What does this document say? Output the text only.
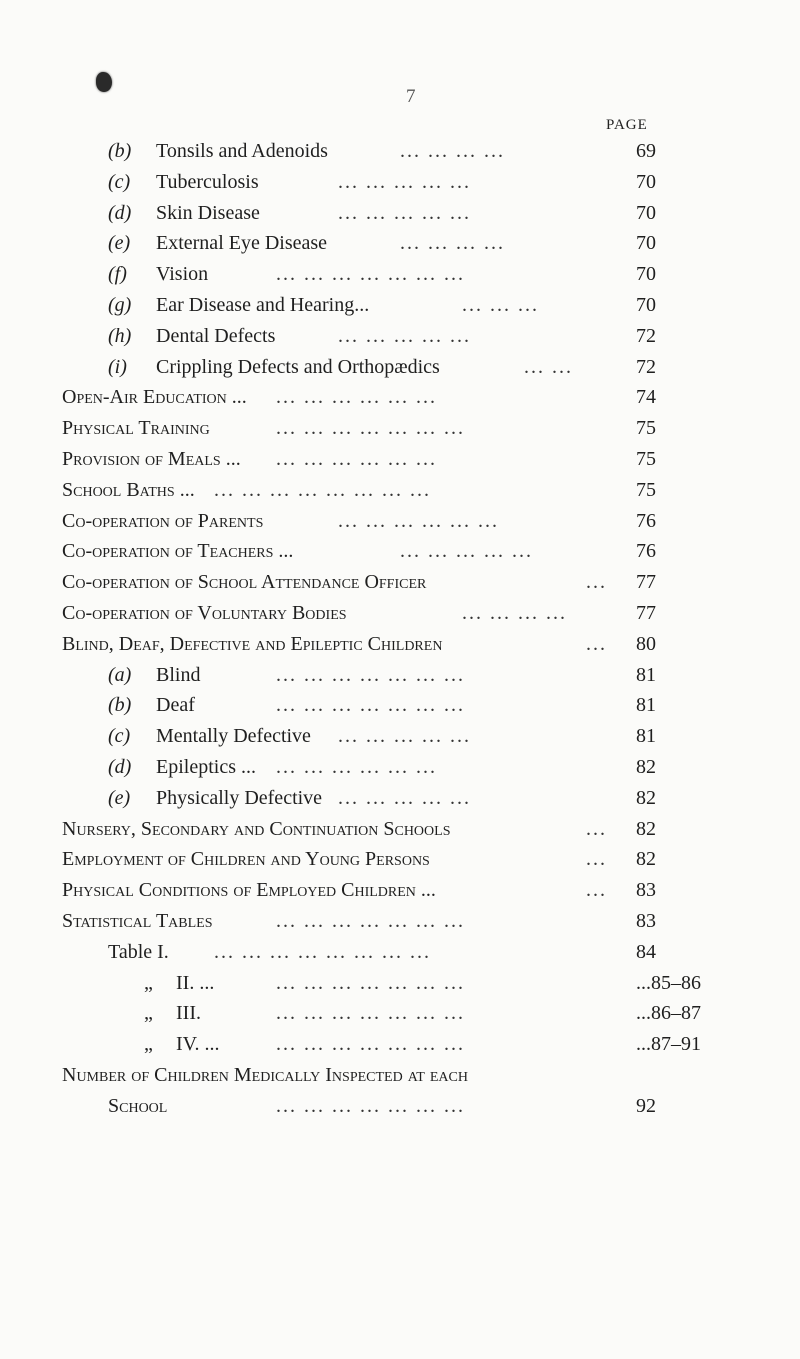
7
PAGE
(b) Tonsils and Adenoids	... ... ... ...	69
(c) Tuberculosis	... ... ... ... ...	70
(d) Skin Disease	... ... ... ... ...	70
(e) External Eye Disease	... ... ... ...	70
(f) Vision	... ... ... ... ... ... ...	70
(g) Ear Disease and Hearing...	... ... ...	70
(h) Dental Defects	... ... ... ... ...	72
(i) Crippling Defects and Orthopædics	... ...	72
Open-Air Education ... ... ... ... ... ... ...	74
Physical Training	... ... ... ... ... ... ...	75
Provision of Meals ... ... ... ... ... ... ...	75
School Baths ... ... ... ... ... ... ... ... ...	75
Co-operation of Parents	... ... ... ... ... ...	76
Co-operation of Teachers ...	... ... ... ... ...	76
Co-operation of School Attendance Officer	... 77
Co-operation of Voluntary Bodies	... ... ... ...	77
Blind, Deaf, Defective and Epileptic Children	... 80
(a) Blind	... ... ... ... ... ... ...	81
(b) Deaf	... ... ... ... ... ... ...	81
(c) Mentally Defective ... ... ... ... ...	81
(d) Epileptics ... ... ... ... ... ... ...	82
(e) Physically Defective ... ... ... ... ...	82
Nursery, Secondary and Continuation Schools	... 82
Employment of Children and Young Persons	... 82
Physical Conditions of Employed Children ...	... 83
Statistical Tables	... ... ... ... ... ... ...	83
Table I. ... ... ... ... ... ... ... ...	84
„ II. ...	... ... ... ... ... ... ...	...85–86
„ III.	... ... ... ... ... ... ...	...86–87
„ IV. ...	... ... ... ... ... ... ...	...87–91
Number of Children Medically Inspected at each
School	... ... ... ... ... ... ...	92
